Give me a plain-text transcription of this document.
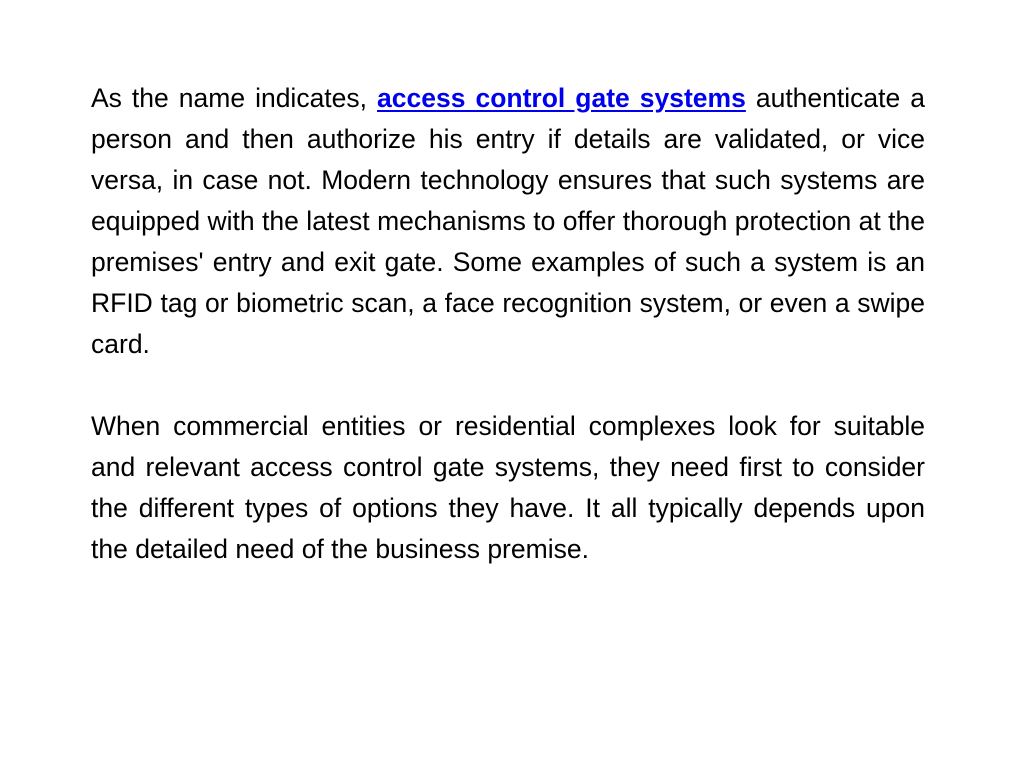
As the name indicates, access control gate systems authenticate a person and then authorize his entry if details are validated, or vice versa, in case not. Modern technology ensures that such systems are equipped with the latest mechanisms to offer thorough protection at the premises' entry and exit gate. Some examples of such a system is an RFID tag or biometric scan, a face recognition system, or even a swipe card.

When commercial entities or residential complexes look for suitable and relevant access control gate systems, they need first to consider the different types of options they have. It all typically depends upon the detailed need of the business premise.
